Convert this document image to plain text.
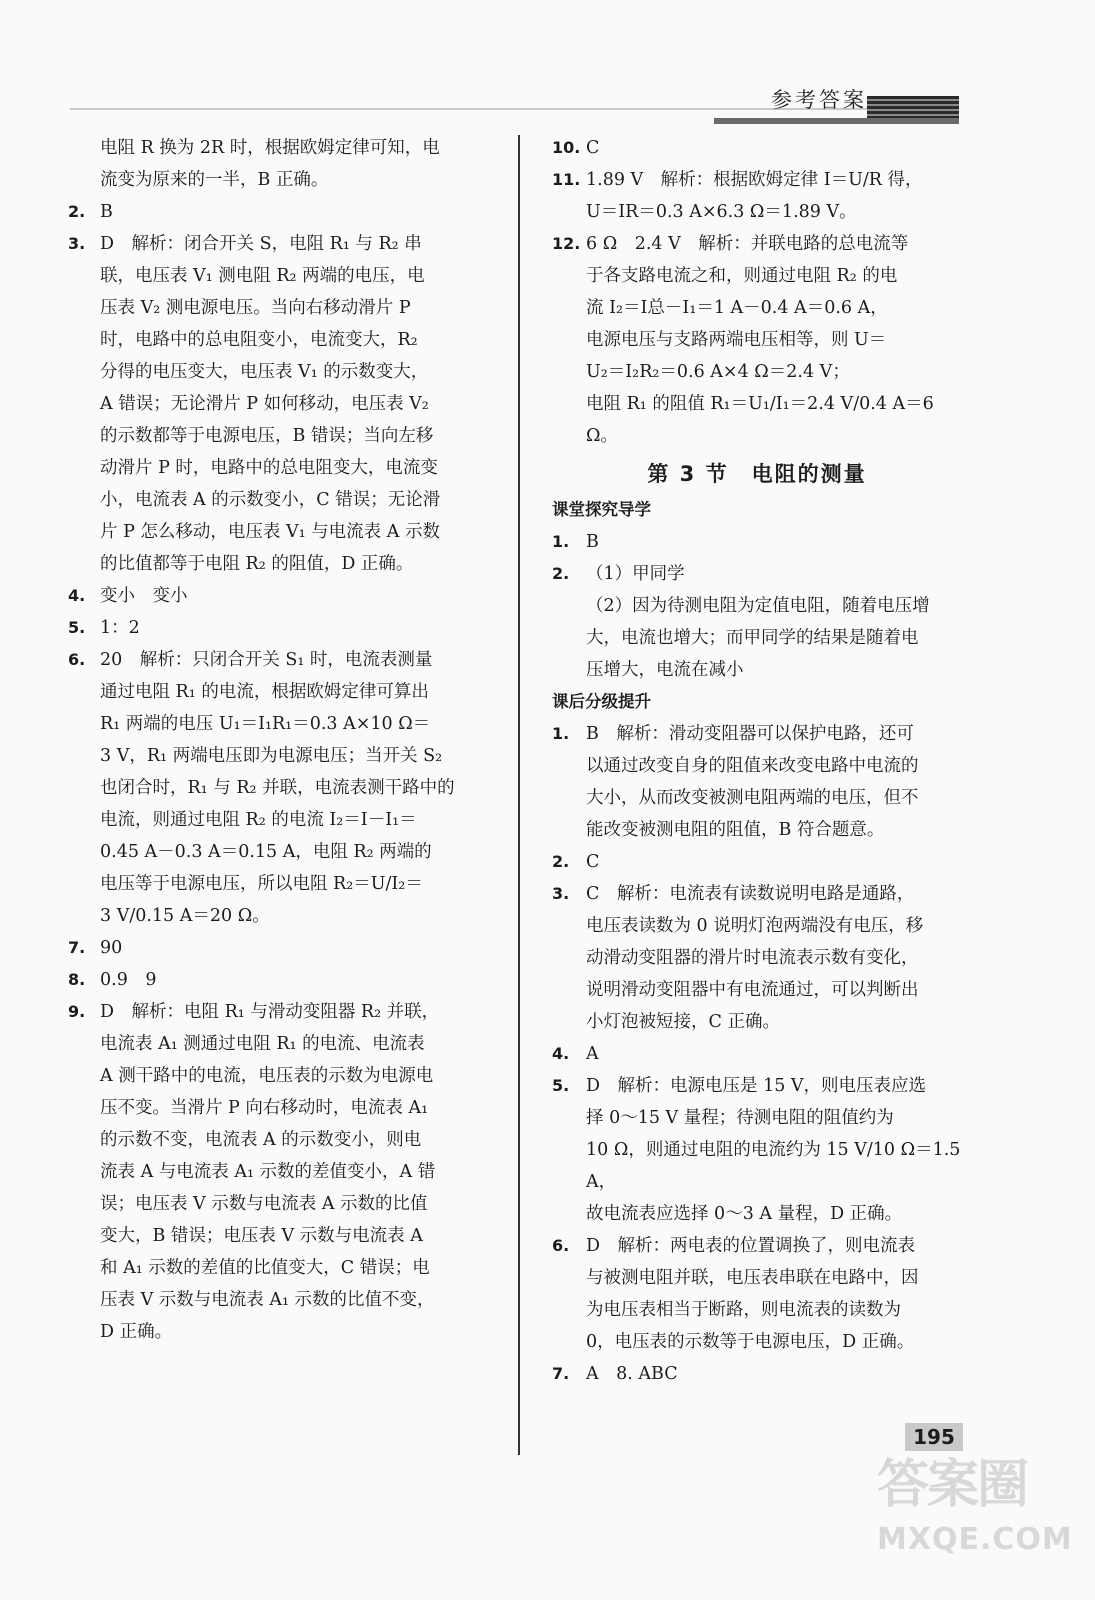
参考答案
电阻 R 换为 2R 时，根据欧姆定律可知，电
流变为原来的一半，B 正确。
2. B
3. D　解析：闭合开关 S，电阻 R₁ 与 R₂ 串
联，电压表 V₁ 测电阻 R₂ 两端的电压，电
压表 V₂ 测电源电压。当向右移动滑片 P
时，电路中的总电阻变小，电流变大，R₂
分得的电压变大，电压表 V₁ 的示数变大，
A 错误；无论滑片 P 如何移动，电压表 V₂
的示数都等于电源电压，B 错误；当向左移
动滑片 P 时，电路中的总电阻变大，电流变
小，电流表 A 的示数变小，C 错误；无论滑
片 P 怎么移动，电压表 V₁ 与电流表 A 示数
的比值都等于电阻 R₂ 的阻值，D 正确。
4. 变小　变小
5. 1：2
6. 20　解析：只闭合开关 S₁ 时，电流表测量
通过电阻 R₁ 的电流，根据欧姆定律可算出
R₁ 两端的电压 U₁＝I₁R₁＝0.3 A×10 Ω＝
3 V，R₁ 两端电压即为电源电压；当开关 S₂
也闭合时，R₁ 与 R₂ 并联，电流表测干路中的
电流，则通过电阻 R₂ 的电流 I₂＝I－I₁＝
0.45 A－0.3 A＝0.15 A，电阻 R₂ 两端的
电压等于电源电压，所以电阻 R₂＝U/I₂＝
3 V/0.15 A＝20 Ω。
7. 90
8. 0.9　9
9. D　解析：电阻 R₁ 与滑动变阻器 R₂ 并联，
电流表 A₁ 测通过电阻 R₁ 的电流、电流表
A 测干路中的电流，电压表的示数为电源电
压不变。当滑片 P 向右移动时，电流表 A₁
的示数不变，电流表 A 的示数变小，则电
流表 A 与电流表 A₁ 示数的差值变小，A 错
误；电压表 V 示数与电流表 A 示数的比值
变大，B 错误；电压表 V 示数与电流表 A
和 A₁ 示数的差值的比值变大，C 错误；电
压表 V 示数与电流表 A₁ 示数的比值不变，
D 正确。
10. C
11. 1.89 V　解析：根据欧姆定律 I＝U/R 得，
U＝IR＝0.3 A×6.3 Ω＝1.89 V。
12. 6 Ω　2.4 V　解析：并联电路的总电流等
于各支路电流之和，则通过电阻 R₂ 的电
流 I₂＝I总－I₁＝1 A－0.4 A＝0.6 A，
电源电压与支路两端电压相等，则 U＝
U₂＝I₂R₂＝0.6 A×4 Ω＝2.4 V；
电阻 R₁ 的阻值 R₁＝U₁/I₁＝2.4 V/0.4 A＝6 Ω。
第 3 节　电阻的测量
课堂探究导学
1. B
2. （1）甲同学
（2）因为待测电阻为定值电阻，随着电压增
大，电流也增大；而甲同学的结果是随着电
压增大，电流在减小
课后分级提升
1. B　解析：滑动变阻器可以保护电路，还可
以通过改变自身的阻值来改变电路中电流的
大小，从而改变被测电阻两端的电压，但不
能改变被测电阻的阻值，B 符合题意。
2. C
3. C　解析：电流表有读数说明电路是通路，
电压表读数为 0 说明灯泡两端没有电压，移
动滑动变阻器的滑片时电流表示数有变化，
说明滑动变阻器中有电流通过，可以判断出
小灯泡被短接，C 正确。
4. A
5. D　解析：电源电压是 15 V，则电压表应选
择 0～15 V 量程；待测电阻的阻值约为
10 Ω，则通过电阻的电流约为 15 V/10 Ω＝1.5 A，
故电流表应选择 0～3 A 量程，D 正确。
6. D　解析：两电表的位置调换了，则电流表
与被测电阻并联，电压表串联在电路中，因
为电压表相当于断路，则电流表的读数为
0，电压表的示数等于电源电压，D 正确。
7. A　8. ABC
195
答案圈
MXQE.COM
